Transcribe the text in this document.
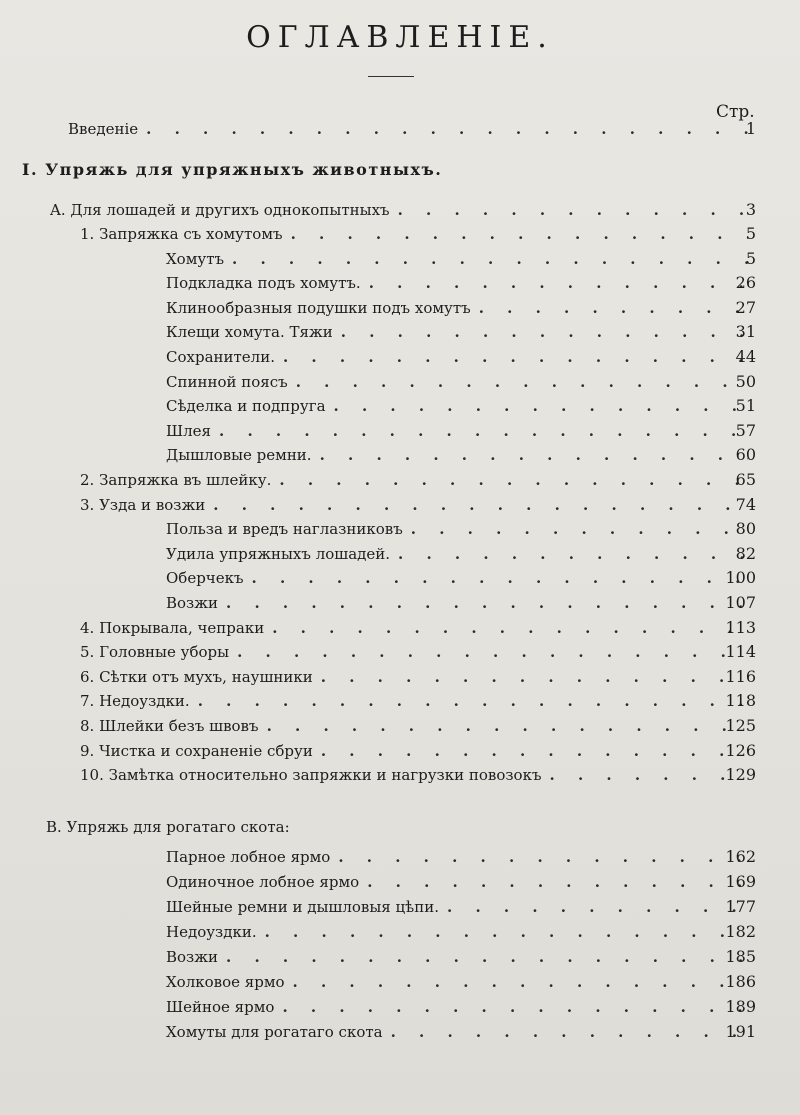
ОГЛАВЛЕНІЕ.
Стр.
Введеніе . . .	1
I. Упряжь для упряжныхъ животныхъ.
A. Для лошадей и другихъ однокопытныхъ . . .	3
1. Запряжка съ хомутомъ . . .	5
Хомутъ . . .	5
Подкладка подъ хомутъ. . . .	26
Клинообразныя подушки подъ хомутъ . . .	27
Клещи хомута. Тяжи . . .	31
Сохранители. . . .	44
Спинной поясъ . . .	50
Сѣделка и подпруга . . .	51
Шлея . . .	57
Дышловые ремни. . . .	60
2. Запряжка въ шлейку. . . .	65
3. Узда и возжи . . .	74
Польза и вредъ наглазниковъ . . .	80
Удила упряжныхъ лошадей. . . .	82
Оберчекъ . . .	100
Возжи . . .	107
4. Покрывала, чепраки . . .	113
5. Головные уборы . . .	114
6. Сѣтки отъ мухъ, наушники . . .	116
7. Недоуздки. . . .	118
8. Шлейки безъ швовъ . . .	125
9. Чистка и сохраненіе сбруи . . .	126
10. Замѣтка относительно запряжки и нагрузки повозокъ . . .	129
B. Упряжь для рогатаго скота:
Парное лобное ярмо . . .	162
Одиночное лобное ярмо . . .	169
Шейные ремни и дышловыя цѣпи. . . .	177
Недоуздки. . . .	182
Возжи . . .	185
Холковое ярмо . . .	186
Шейное ярмо . . .	189
Хомуты для рогатаго скота . . .	191
